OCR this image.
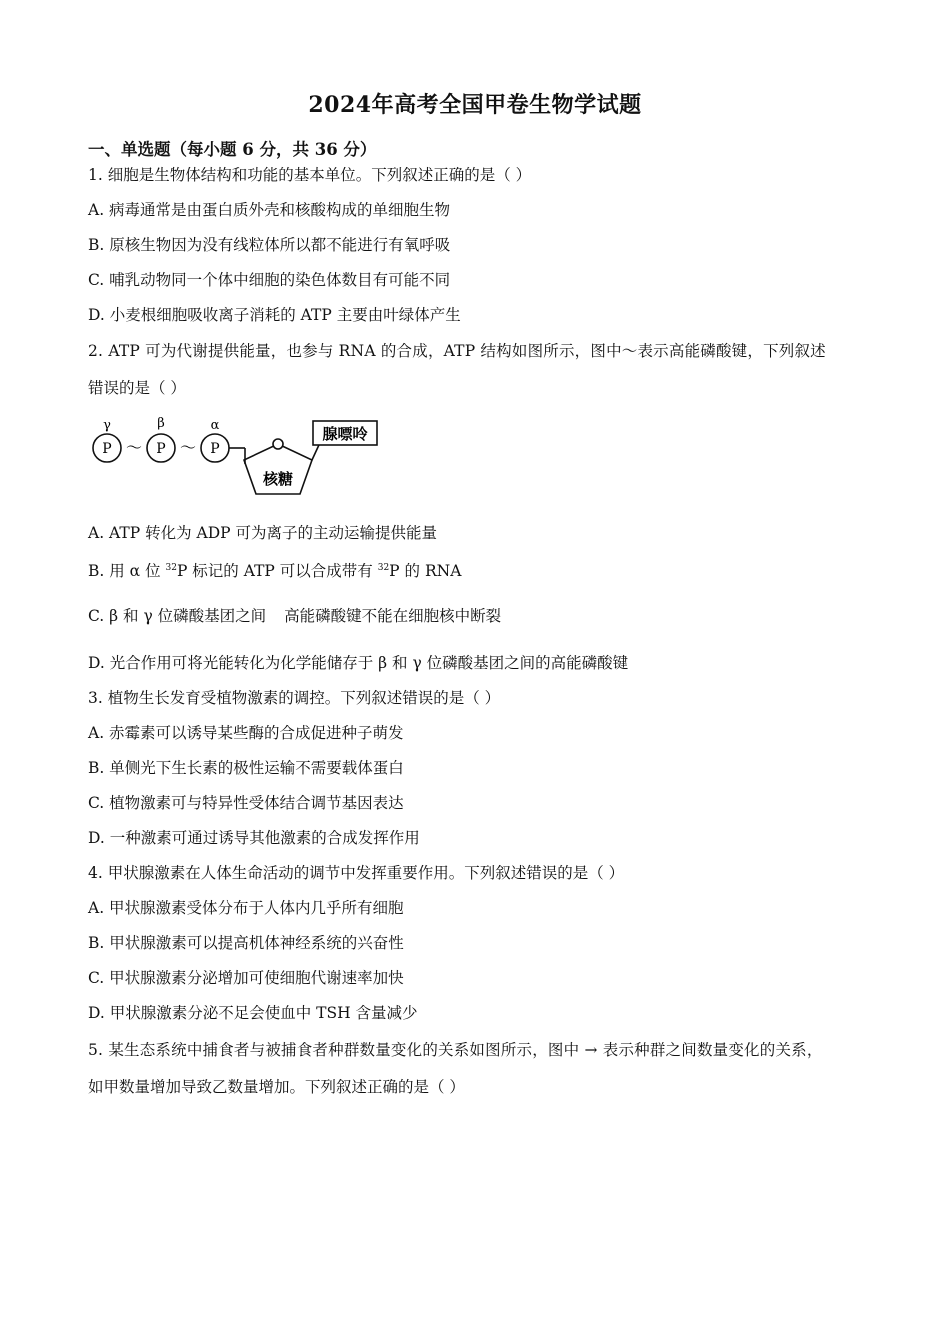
2024年高考全国甲卷生物学试题
一、单选题（每小题 6 分，共 36 分）
1. 细胞是生物体结构和功能的基本单位。下列叙述正确的是（ ）
A. 病毒通常是由蛋白质外壳和核酸构成的单细胞生物
B. 原核生物因为没有线粒体所以都不能进行有氧呼吸
C. 哺乳动物同一个体中细胞的染色体数目有可能不同
D. 小麦根细胞吸收离子消耗的 ATP 主要由叶绿体产生
2. ATP 可为代谢提供能量，也参与 RNA 的合成，ATP 结构如图所示，图中～表示高能磷酸键，下列叙述
错误的是（ ）
γ	β	α
P	P	P
～ ～
腺嘌呤
核糖
A. ATP 转化为 ADP 可为离子的主动运输提供能量
B. 用 α 位 $^{32}$P 标记的 ATP 可以合成带有 $^{32}$P 的 RNA
C. β 和 γ 位磷酸基团之间 高能磷酸键不能在细胞核中断裂
D. 光合作用可将光能转化为化学能储存于 β 和 γ 位磷酸基团之间的高能磷酸键
3. 植物生长发育受植物激素的调控。下列叙述错误的是（ ）
A. 赤霉素可以诱导某些酶的合成促进种子萌发
B. 单侧光下生长素的极性运输不需要载体蛋白
C. 植物激素可与特异性受体结合调节基因表达
D. 一种激素可通过诱导其他激素的合成发挥作用
4. 甲状腺激素在人体生命活动的调节中发挥重要作用。下列叙述错误的是（ ）
A. 甲状腺激素受体分布于人体内几乎所有细胞
B. 甲状腺激素可以提高机体神经系统的兴奋性
C. 甲状腺激素分泌增加可使细胞代谢速率加快
D. 甲状腺激素分泌不足会使血中 TSH 含量减少
5. 某生态系统中捕食者与被捕食者种群数量变化的关系如图所示，图中 → 表示种群之间数量变化的关系，
如甲数量增加导致乙数量增加。下列叙述正确的是（ ）
